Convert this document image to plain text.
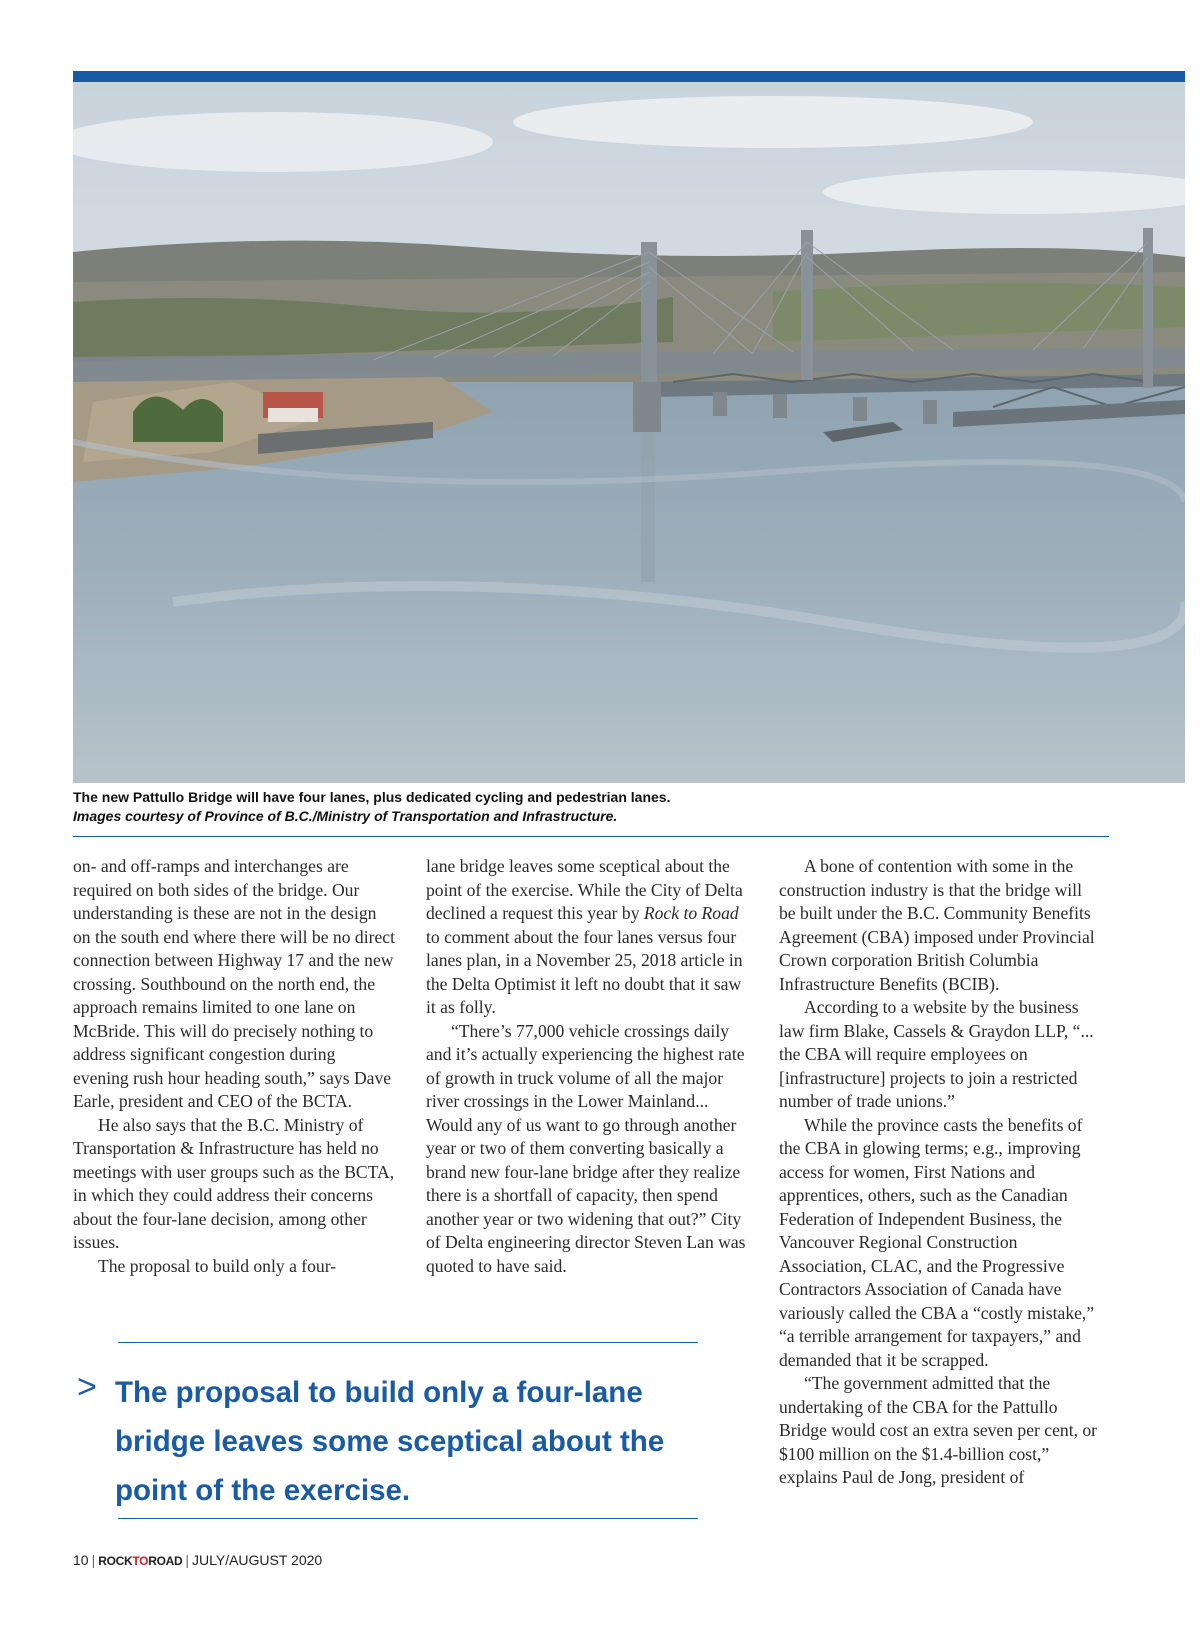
The new Pattullo Bridge will have four lanes, plus dedicated cycling and pedestrian lanes.
Images courtesy of Province of B.C./Ministry of Transportation and Infrastructure.

on- and off-ramps and interchanges are required on both sides of the bridge. Our understanding is these are not in the design on the south end where there will be no direct connection between Highway 17 and the new crossing. Southbound on the north end, the approach remains limited to one lane on McBride. This will do precisely nothing to address significant congestion during evening rush hour heading south,” says Dave Earle, president and CEO of the BCTA.

He also says that the B.C. Ministry of Transportation & Infrastructure has held no meetings with user groups such as the BCTA, in which they could address their concerns about the four-lane decision, among other issues.

The proposal to build only a four-

lane bridge leaves some sceptical about the point of the exercise. While the City of Delta declined a request this year by Rock to Road to comment about the four lanes versus four lanes plan, in a November 25, 2018 article in the Delta Optimist it left no doubt that it saw it as folly.

“There’s 77,000 vehicle crossings daily and it’s actually experiencing the highest rate of growth in truck volume of all the major river crossings in the Lower Mainland... Would any of us want to go through another year or two of them converting basically a brand new four-lane bridge after they realize there is a shortfall of capacity, then spend another year or two widening that out?” City of Delta engineering director Steven Lan was quoted to have said.

A bone of contention with some in the construction industry is that the bridge will be built under the B.C. Community Benefits Agreement (CBA) imposed under Provincial Crown corporation British Columbia Infrastructure Benefits (BCIB).

According to a website by the business law firm Blake, Cassels & Graydon LLP, “... the CBA will require employees on [infrastructure] projects to join a restricted number of trade unions.”

While the province casts the benefits of the CBA in glowing terms; e.g., improving access for women, First Nations and apprentices, others, such as the Canadian Federation of Independent Business, the Vancouver Regional Construction Association, CLAC, and the Progressive Contractors Association of Canada have variously called the CBA a “costly mistake,” “a terrible arrangement for taxpayers,” and demanded that it be scrapped.

“The government admitted that the undertaking of the CBA for the Pattullo Bridge would cost an extra seven per cent, or $100 million on the $1.4-billion cost,” explains Paul de Jong, president of

> The proposal to build only a four-lane bridge leaves some sceptical about the point of the exercise.
10 | ROCKTOROAD | JULY/AUGUST 2020
